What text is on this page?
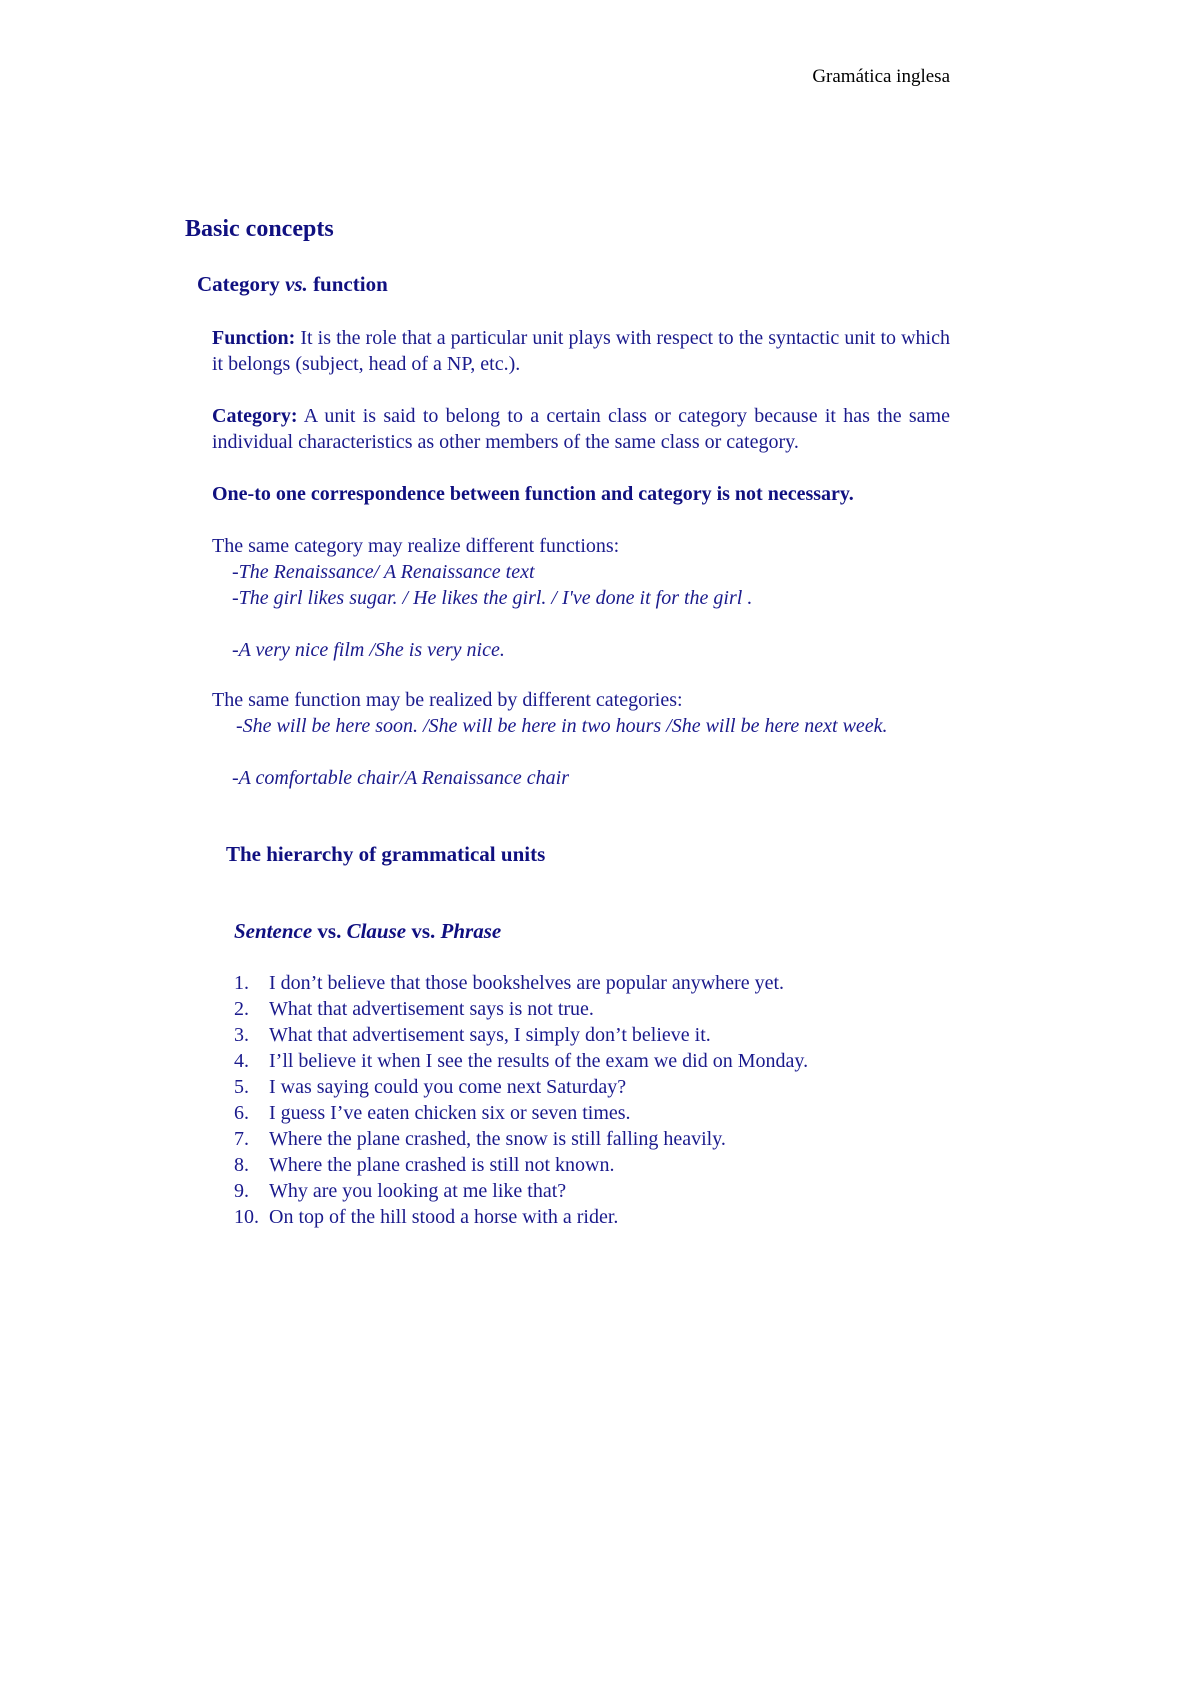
Gramática inglesa
Basic concepts
Category vs. function
Function: It is the role that a particular unit plays with respect to the syntactic unit to which it belongs (subject, head of a NP, etc.).
Category: A unit is said to belong to a certain class or category because it has the same individual characteristics as other members of the same class or category.
One-to one correspondence between function and category is not necessary.
The same category may realize different functions:
-The Renaissance/ A Renaissance text
-The girl likes sugar. / He likes the girl. / I've done it for the girl .
-A very nice film /She is very nice.
The same function may be realized by different categories:
-She will be here soon. /She will be here in two hours /She will be here next week.
-A comfortable chair/A Renaissance chair
The hierarchy of grammatical units
Sentence vs. Clause vs. Phrase
1.	I don’t believe that those bookshelves are popular anywhere yet.
2.	What that advertisement says is not true.
3.	What that advertisement says, I simply don’t believe it.
4.	I’ll believe it when I see the results of the exam we did on Monday.
5.	I was saying could you come next Saturday?
6.	I guess I’ve eaten chicken six or seven times.
7.	Where the plane crashed, the snow is still falling heavily.
8.	Where the plane crashed is still not known.
9.	Why are you looking at me like that?
10. On top of the hill stood a horse with a rider.
